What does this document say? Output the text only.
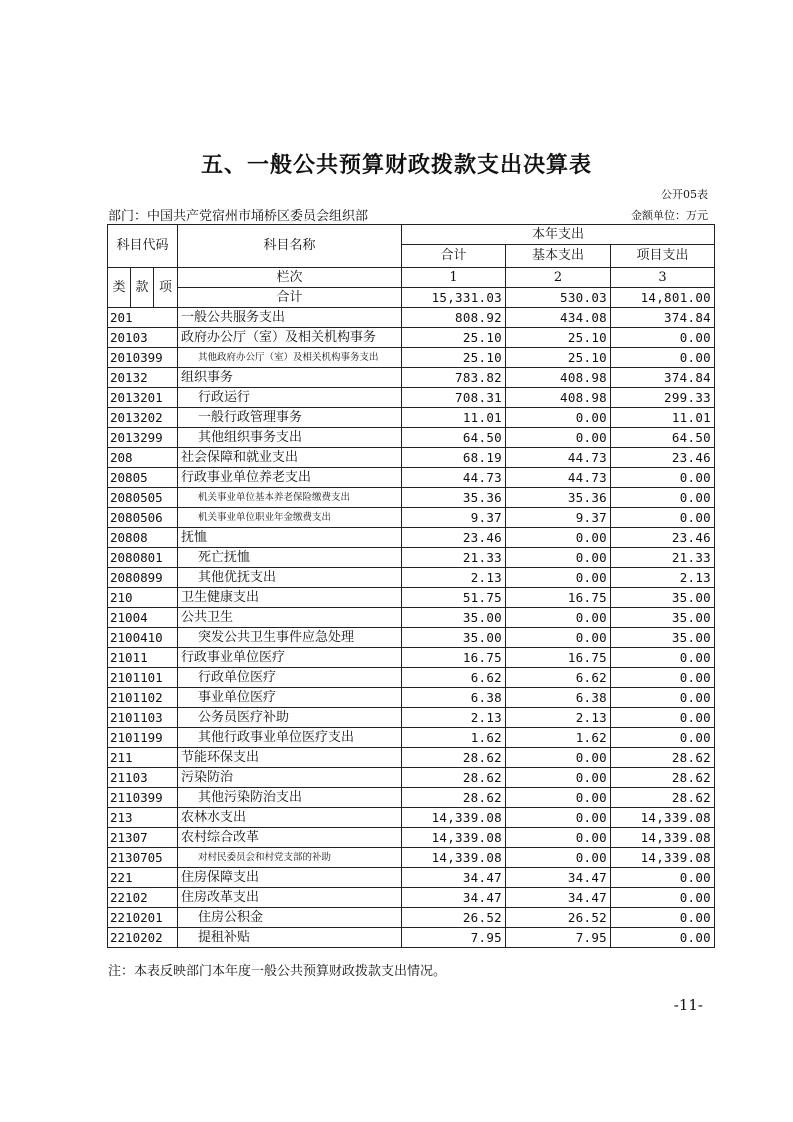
五、一般公共预算财政拨款支出决算表
公开05表
部门：中国共产党宿州市埇桥区委员会组织部	金额单位：万元
科目代码			科目名称	本年支出		
				合计	基本支出	项目支出
类	款	项	栏次	1	2	3
			合计	15,331.03	530.03	14,801.00
201			一般公共服务支出	808.92	434.08	374.84
20103			政府办公厅（室）及相关机构事务	25.10	25.10	0.00
2010399			其他政府办公厅（室）及相关机构事务支出	25.10	25.10	0.00
20132			组织事务	783.82	408.98	374.84
2013201			行政运行	708.31	408.98	299.33
2013202			一般行政管理事务	11.01	0.00	11.01
2013299			其他组织事务支出	64.50	0.00	64.50
208			社会保障和就业支出	68.19	44.73	23.46
20805			行政事业单位养老支出	44.73	44.73	0.00
2080505			机关事业单位基本养老保险缴费支出	35.36	35.36	0.00
2080506			机关事业单位职业年金缴费支出	9.37	9.37	0.00
20808			抚恤	23.46	0.00	23.46
2080801			死亡抚恤	21.33	0.00	21.33
2080899			其他优抚支出	2.13	0.00	2.13
210			卫生健康支出	51.75	16.75	35.00
21004			公共卫生	35.00	0.00	35.00
2100410			突发公共卫生事件应急处理	35.00	0.00	35.00
21011			行政事业单位医疗	16.75	16.75	0.00
2101101			行政单位医疗	6.62	6.62	0.00
2101102			事业单位医疗	6.38	6.38	0.00
2101103			公务员医疗补助	2.13	2.13	0.00
2101199			其他行政事业单位医疗支出	1.62	1.62	0.00
211			节能环保支出	28.62	0.00	28.62
21103			污染防治	28.62	0.00	28.62
2110399			其他污染防治支出	28.62	0.00	28.62
213			农林水支出	14,339.08	0.00	14,339.08
21307			农村综合改革	14,339.08	0.00	14,339.08
2130705			对村民委员会和村党支部的补助	14,339.08	0.00	14,339.08
221			住房保障支出	34.47	34.47	0.00
22102			住房改革支出	34.47	34.47	0.00
2210201			住房公积金	26.52	26.52	0.00
2210202			提租补贴	7.95	7.95	0.00
注：本表反映部门本年度一般公共预算财政拨款支出情况。
-11-
